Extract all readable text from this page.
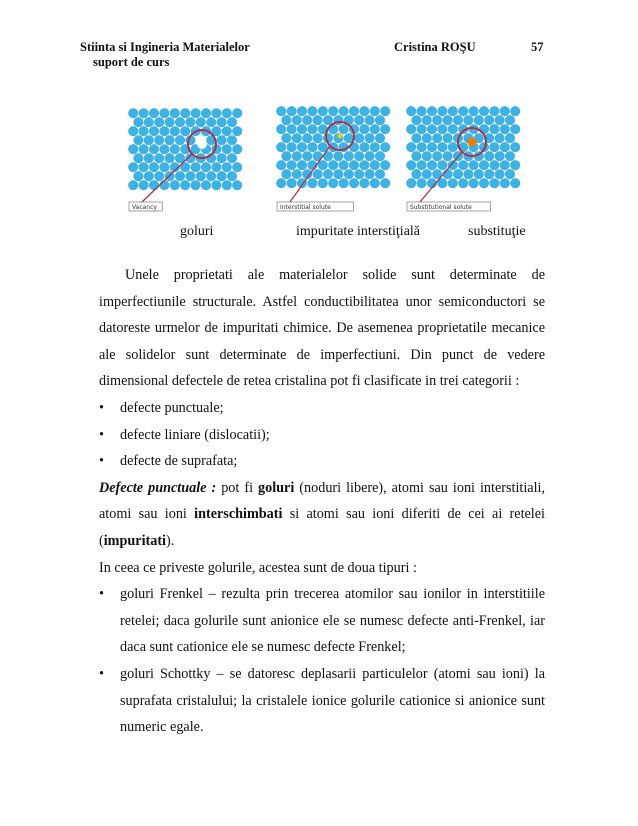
Stiinta si Ingineria Materialelor
suport de curs
Cristina ROŞU	57
Vacancy	Interstitial solute	Substitutional solute
goluri	impuritate interstiţială	substituţie
Unele proprietati ale materialelor solide sunt determinate de imperfectiunile structurale. Astfel conductibilitatea unor semiconductori se datoreste urmelor de impuritati chimice. De asemenea proprietatile mecanice ale solidelor sunt determinate de imperfectiuni. Din punct de vedere dimensional defectele de retea cristalina pot fi clasificate in trei categorii :
• defecte punctuale;
• defecte liniare (dislocatii);
• defecte de suprafata;
Defecte punctuale : pot fi goluri (noduri libere), atomi sau ioni interstitiali, atomi sau ioni interschimbati si atomi sau ioni diferiti de cei ai retelei (impuritati).
In ceea ce priveste golurile, acestea sunt de doua tipuri :
• goluri Frenkel – rezulta prin trecerea atomilor sau ionilor in interstitiile retelei; daca golurile sunt anionice ele se numesc defecte anti-Frenkel, iar daca sunt cationice ele se numesc defecte Frenkel;
• goluri Schottky – se datoresc deplasarii particulelor (atomi sau ioni) la suprafata cristalului; la cristalele ionice golurile cationice si anionice sunt numeric egale.
